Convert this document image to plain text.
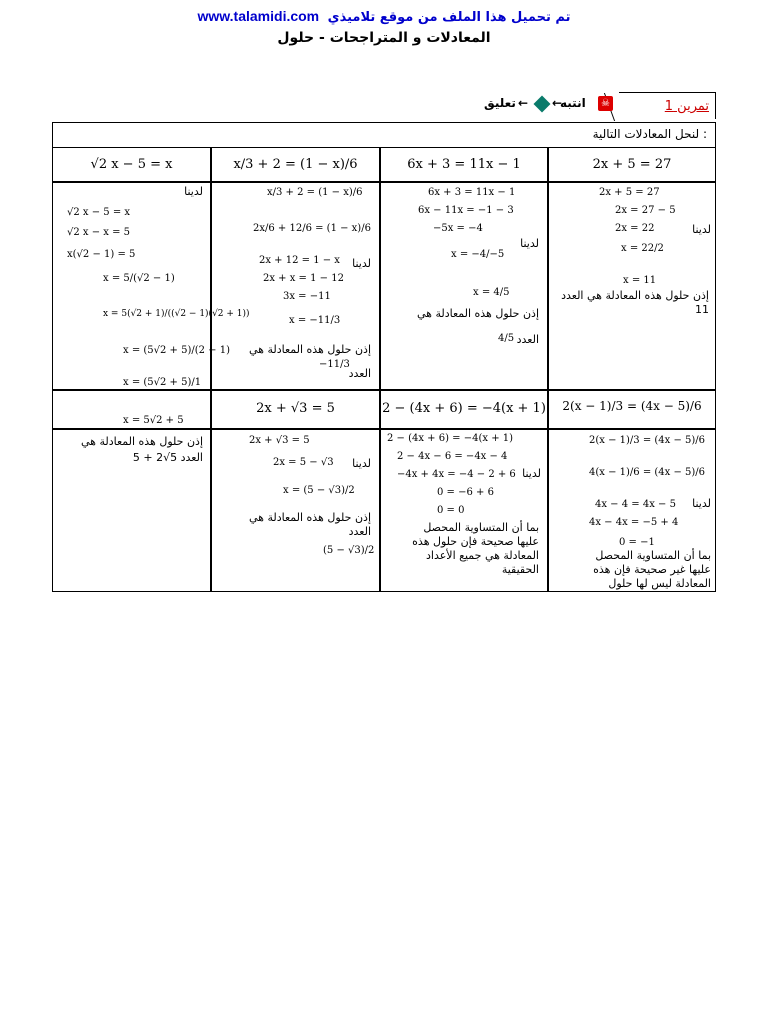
www.talamidi.com تم تحميل هذا الملف من موقع تلاميذي
المعادلات و المتراجحات - حلول
تمرين 1
☠
انتبه
←
تعليق ←
لنحل المعادلات التالية :
2x + 5 = 27
6x + 3 = 11x − 1
x/3 + 2 = (1 − x)/6
√2 x − 5 = x
2x + 5 = 27
2x = 27 − 5
2x = 22
x = 22/2
x = 11
لدينا
إذن حلول هذه المعادلة هي العدد 11
6x + 3 = 11x − 1
6x − 11x = −1 − 3
−5x = −4
x = −4/−5
x = 4/5
لدينا
إذن حلول هذه المعادلة هي
العدد
4/5
x/3 + 2 = (1 − x)/6
2x/6 + 12/6 = (1 − x)/6
2x + 12 = 1 − x
2x + x = 1 − 12
3x = −11
x = −11/3
لدينا
إذن حلول هذه المعادلة هي
العدد
−11/3
√2 x − 5 = x
√2 x − x = 5
x(√2 − 1) = 5
x = 5/(√2 − 1)
x = 5(√2 + 1)/((√2 − 1)(√2 + 1))
x = (5√2 + 5)/(2 − 1)
x = (5√2 + 5)/1
x = 5√2 + 5
لدينا
إذن حلول هذه المعادلة هي
العدد 5√2 + 5
2(x − 1)/3 = (4x − 5)/6
2 − (4x + 6) = −4(x + 1)
2x + √3 = 5
2(x − 1)/3 = (4x − 5)/6
4(x − 1)/6 = (4x − 5)/6
4x − 4 = 4x − 5
4x − 4x = −5 + 4
0 = −1
لدينا
بما أن المتساوية المحصل
عليها غير صحيحة فإن هذه
المعادلة ليس لها حلول
2 − (4x + 6) = −4(x + 1)
2 − 4x − 6 = −4x − 4
−4x + 4x = −4 − 2 + 6
0 = −6 + 6
0 = 0
لدينا
بما أن المتساوية المحصل
عليها صحيحة فإن حلول هذه
المعادلة هي جميع الأعداد
الحقيقية
2x + √3 = 5
2x = 5 − √3
x = (5 − √3)/2
لدينا
إذن حلول هذه المعادلة هي
العدد
(5 − √3)/2
